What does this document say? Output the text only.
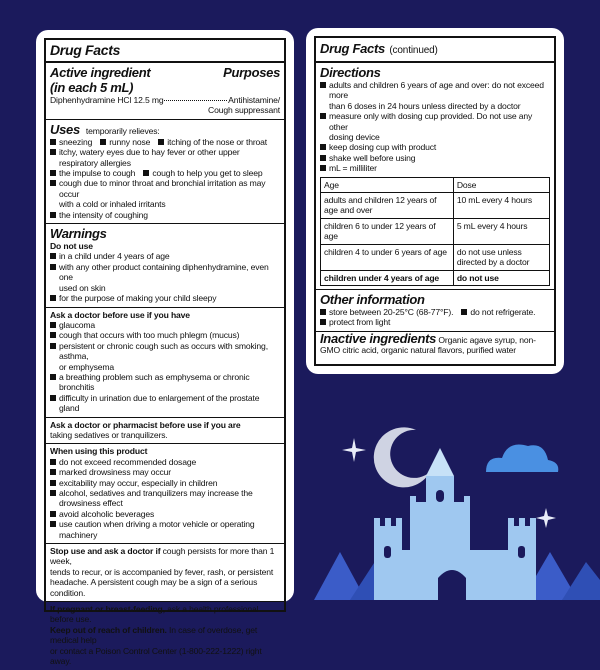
Drug Facts
Active ingredient	Purposes
(in each 5 mL)
Diphenhydramine HCl 12.5 mg	Antihistamine/
Cough suppressant
Uses temporarily relieves:
sneezing runny nose itching of the nose or throat
itchy, watery eyes due to hay fever or other upper respiratory allergies
the impulse to cough cough to help you get to sleep
cough due to minor throat and bronchial irritation as may occur
with a cold or inhaled irritants
the intensity of coughing
Warnings
Do not use
in a child under 4 years of age
with any other product containing diphenhydramine, even one
used on skin
for the purpose of making your child sleepy
Ask a doctor before use if you have
glaucoma
cough that occurs with too much phlegm (mucus)
persistent or chronic cough such as occurs with smoking, asthma,
or emphysema
a breathing problem such as emphysema or chronic bronchitis
difficulty in urination due to enlargement of the prostate gland
Ask a doctor or pharmacist before use if you are
taking sedatives or tranquilizers.
When using this product
do not exceed recommended dosage
marked drowsiness may occur
excitability may occur, especially in children
alcohol, sedatives and tranquilizers may increase the drowsiness effect
avoid alcoholic beverages
use caution when driving a motor vehicle or operating machinery
Stop use and ask a doctor if cough persists for more than 1 week,
tends to recur, or is accompanied by fever, rash, or persistent
headache. A persistent cough may be a sign of a serious condition.
If pregnant or breast-feeding, ask a health professional before use.
Keep out of reach of children. In case of overdose, get medical help
or contact a Poison Control Center (1-800-222-1222) right away.
Drug Facts (continued)
Directions
adults and children 6 years of age and over: do not exceed more
than 6 doses in 24 hours unless directed by a doctor
measure only with dosing cup provided. Do not use any other
dosing device
keep dosing cup with product
shake well before using
mL = milliliter
Age	Dose
adults and children 12 years of age and over	10 mL every 4 hours
children 6 to under 12 years of age	5 mL every 4 hours
children 4 to under 6 years of age	do not use unless directed by a doctor
children under 4 years of age	do not use
Other information
store between 20-25°C (68-77°F). do not refrigerate.
protect from light
Inactive ingredients Organic agave syrup, non-GMO citric acid, organic natural flavors, purified water
